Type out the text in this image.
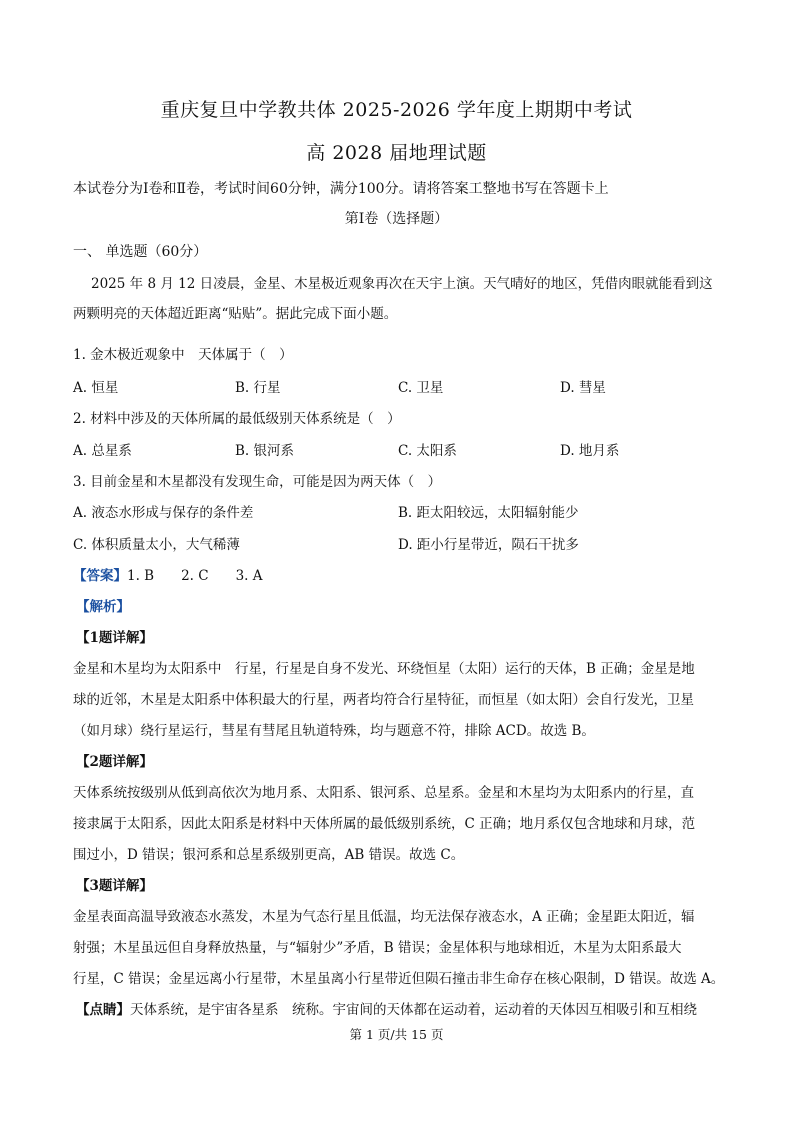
重庆复旦中学教共体 2025-2026 学年度上期期中考试
高 2028 届地理试题
本试卷分为Ⅰ卷和Ⅱ卷，考试时间60分钟，满分100分。请将答案工整地书写在答题卡上
第Ⅰ卷（选择题）
一、 单选题（60分）
2025 年 8 月 12 日凌晨，金星、木星极近观象再次在天宇上演。天气晴好的地区，凭借肉眼就能看到这
两颗明亮的天体超近距离“贴贴”。据此完成下面小题。
1. 金木极近观象中　天体属于（　）
A. 恒星	B. 行星	C. 卫星	D. 彗星
2. 材料中涉及的天体所属的最低级别天体系统是（　）
A. 总星系	B. 银河系	C. 太阳系	D. 地月系
3. 目前金星和木星都没有发现生命，可能是因为两天体（　）
A. 液态水形成与保存的条件差	B. 距太阳较远，太阳辐射能少
C. 体积质量太小，大气稀薄	D. 距小行星带近，陨石干扰多
【答案】1. B　　2. C　　3. A
【解析】
【1题详解】
金星和木星均为太阳系中　行星，行星是自身不发光、环绕恒星（太阳）运行的天体，B 正确；金星是地
球的近邻，木星是太阳系中体积最大的行星，两者均符合行星特征，而恒星（如太阳）会自行发光，卫星
（如月球）绕行星运行，彗星有彗尾且轨道特殊，均与题意不符，排除 ACD。故选 B。
【2题详解】
天体系统按级别从低到高依次为地月系、太阳系、银河系、总星系。金星和木星均为太阳系内的行星，直
接隶属于太阳系，因此太阳系是材料中天体所属的最低级别系统，C 正确；地月系仅包含地球和月球，范
围过小，D 错误；银河系和总星系级别更高，AB 错误。故选 C。
【3题详解】
金星表面高温导致液态水蒸发，木星为气态行星且低温，均无法保存液态水，A 正确；金星距太阳近，辐
射强；木星虽远但自身释放热量，与“辐射少”矛盾，B 错误；金星体积与地球相近，木星为太阳系最大
行星，C 错误；金星远离小行星带，木星虽离小行星带近但陨石撞击非生命存在核心限制，D 错误。故选 A。
【点睛】天体系统，是宇宙各星系　统称。宇宙间的天体都在运动着，运动着的天体因互相吸引和互相绕
第 1 页/共 15 页
